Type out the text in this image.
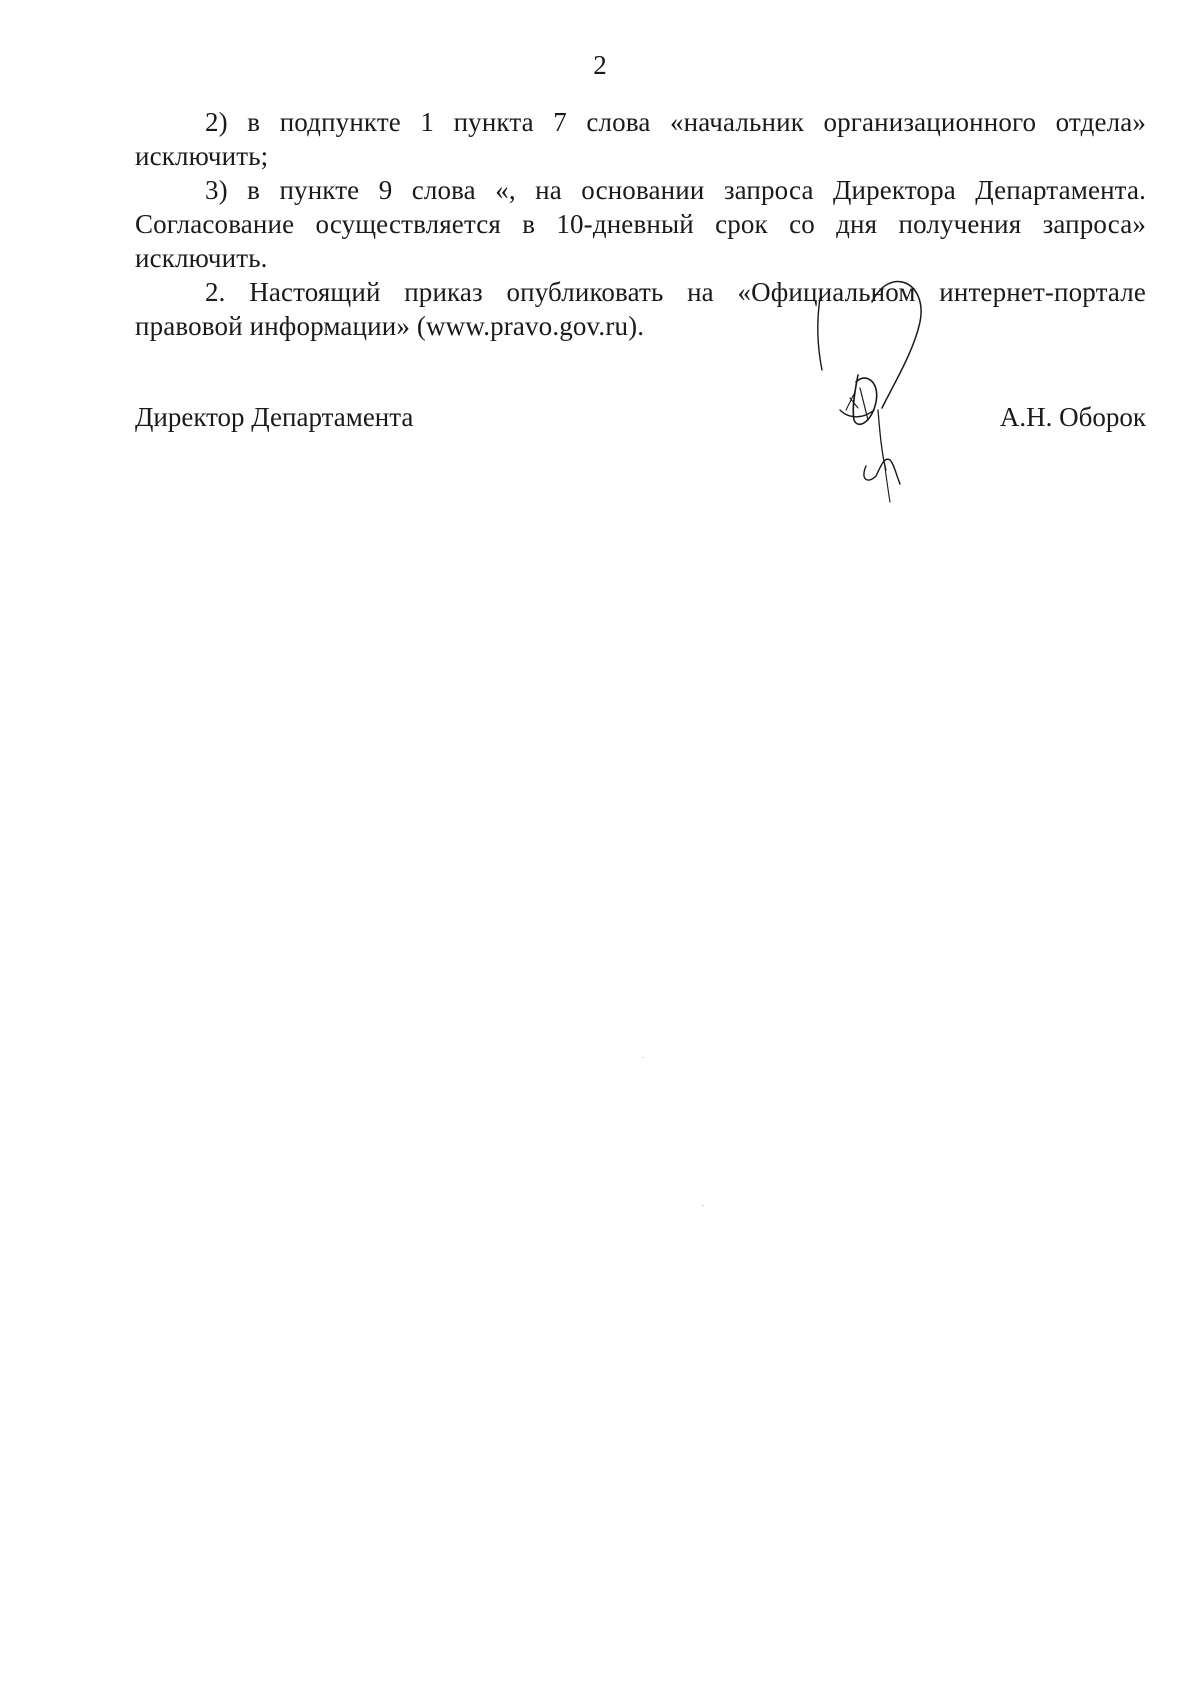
2

2) в подпункте 1 пункта 7 слова «начальник организационного отдела» исключить;

3) в пункте 9 слова «, на основании запроса Директора Департамента. Согласование осуществляется в 10-дневный срок со дня получения запроса» исключить.

2. Настоящий приказ опубликовать на «Официальном интернет-портале правовой информации» (www.pravo.gov.ru).

Директор Департамента	А.Н. Оборок
